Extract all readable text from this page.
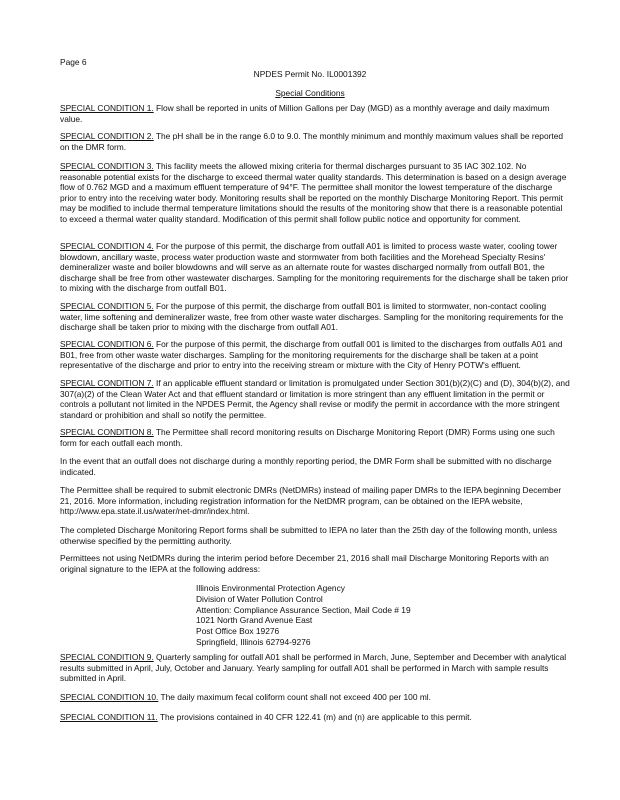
Page 6
NPDES Permit No. IL0001392
Special Conditions
SPECIAL CONDITION 1. Flow shall be reported in units of Million Gallons per Day (MGD) as a monthly average and daily maximum value.
SPECIAL CONDITION 2. The pH shall be in the range 6.0 to 9.0. The monthly minimum and monthly maximum values shall be reported on the DMR form.
SPECIAL CONDITION 3. This facility meets the allowed mixing criteria for thermal discharges pursuant to 35 IAC 302.102. No reasonable potential exists for the discharge to exceed thermal water quality standards. This determination is based on a design average flow of 0.762 MGD and a maximum effluent temperature of 94°F. The permittee shall monitor the lowest temperature of the discharge prior to entry into the receiving water body. Monitoring results shall be reported on the monthly Discharge Monitoring Report. This permit may be modified to include thermal temperature limitations should the results of the monitoring show that there is a reasonable potential to exceed a thermal water quality standard. Modification of this permit shall follow public notice and opportunity for comment.
SPECIAL CONDITION 4. For the purpose of this permit, the discharge from outfall A01 is limited to process waste water, cooling tower blowdown, ancillary waste, process water production waste and stormwater from both facilities and the Morehead Specialty Resins' demineralizer waste and boiler blowdowns and will serve as an alternate route for wastes discharged normally from outfall B01, the discharge shall be free from other wastewater discharges. Sampling for the monitoring requirements for the discharge shall be taken prior to mixing with the discharge from outfall B01.
SPECIAL CONDITION 5. For the purpose of this permit, the discharge from outfall B01 is limited to stormwater, non-contact cooling water, lime softening and demineralizer waste, free from other waste water discharges. Sampling for the monitoring requirements for the discharge shall be taken prior to mixing with the discharge from outfall A01.
SPECIAL CONDITION 6. For the purpose of this permit, the discharge from outfall 001 is limited to the discharges from outfalls A01 and B01, free from other waste water discharges. Sampling for the monitoring requirements for the discharge shall be taken at a point representative of the discharge and prior to entry into the receiving stream or mixture with the City of Henry POTW's effluent.
SPECIAL CONDITION 7. If an applicable effluent standard or limitation is promulgated under Section 301(b)(2)(C) and (D), 304(b)(2), and 307(a)(2) of the Clean Water Act and that effluent standard or limitation is more stringent than any effluent limitation in the permit or controls a pollutant not limited in the NPDES Permit, the Agency shall revise or modify the permit in accordance with the more stringent standard or prohibition and shall so notify the permittee.
SPECIAL CONDITION 8. The Permittee shall record monitoring results on Discharge Monitoring Report (DMR) Forms using one such form for each outfall each month.
In the event that an outfall does not discharge during a monthly reporting period, the DMR Form shall be submitted with no discharge indicated.
The Permittee shall be required to submit electronic DMRs (NetDMRs) instead of mailing paper DMRs to the IEPA beginning December 21, 2016. More information, including registration information for the NetDMR program, can be obtained on the IEPA website, http://www.epa.state.il.us/water/net-dmr/index.html.
The completed Discharge Monitoring Report forms shall be submitted to IEPA no later than the 25th day of the following month, unless otherwise specified by the permitting authority.
Permittees not using NetDMRs during the interim period before December 21, 2016 shall mail Discharge Monitoring Reports with an original signature to the IEPA at the following address:
Illinois Environmental Protection Agency
Division of Water Pollution Control
Attention: Compliance Assurance Section, Mail Code # 19
1021 North Grand Avenue East
Post Office Box 19276
Springfield, Illinois 62794-9276
SPECIAL CONDITION 9. Quarterly sampling for outfall A01 shall be performed in March, June, September and December with analytical results submitted in April, July, October and January. Yearly sampling for outfall A01 shall be performed in March with sample results submitted in April.
SPECIAL CONDITION 10. The daily maximum fecal coliform count shall not exceed 400 per 100 ml.
SPECIAL CONDITION 11. The provisions contained in 40 CFR 122.41 (m) and (n) are applicable to this permit.
